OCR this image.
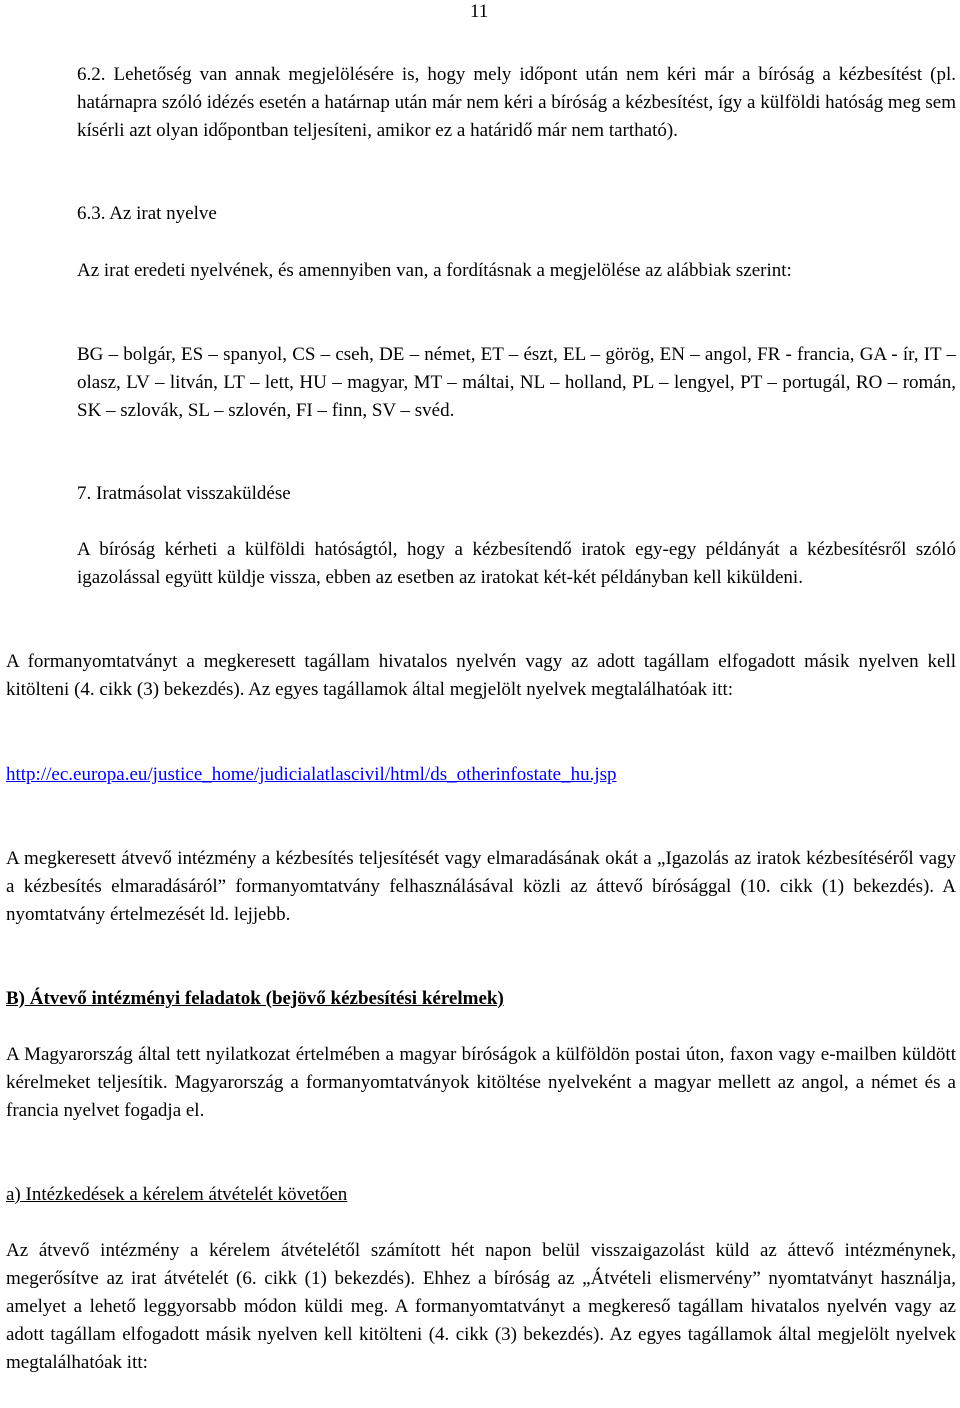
11

6.2. Lehetőség van annak megjelölésére is, hogy mely időpont után nem kéri már a bíróság a kézbesítést (pl. határnapra szóló idézés esetén a határnap után már nem kéri a bíróság a kézbesítést, így a külföldi hatóság meg sem kísérli azt olyan időpontban teljesíteni, amikor ez a határidő már nem tartható).

6.3. Az irat nyelve

Az irat eredeti nyelvének, és amennyiben van, a fordításnak a megjelölése az alábbiak szerint:

BG – bolgár, ES – spanyol, CS – cseh, DE – német, ET – észt, EL – görög, EN – angol, FR - francia, GA - ír, IT – olasz, LV – litván, LT – lett, HU – magyar, MT – máltai, NL – holland, PL – lengyel, PT – portugál, RO – román, SK – szlovák, SL – szlovén, FI – finn, SV – svéd.

7. Iratmásolat visszaküldése

A bíróság kérheti a külföldi hatóságtól, hogy a kézbesítendő iratok egy-egy példányát a kézbesítésről szóló igazolással együtt küldje vissza, ebben az esetben az iratokat két-két példányban kell kiküldeni.

A formanyomtatványt a megkeresett tagállam hivatalos nyelvén vagy az adott tagállam elfogadott másik nyelven kell kitölteni (4. cikk (3) bekezdés). Az egyes tagállamok által megjelölt nyelvek megtalálhatóak itt:

http://ec.europa.eu/justice_home/judicialatlascivil/html/ds_otherinfostate_hu.jsp

A megkeresett átvevő intézmény a kézbesítés teljesítését vagy elmaradásának okát a „Igazolás az iratok kézbesítéséről vagy a kézbesítés elmaradásáról” formanyomtatvány felhasználásával közli az áttevő bírósággal (10. cikk (1) bekezdés). A nyomtatvány értelmezését ld. lejjebb.

B) Átvevő intézményi feladatok (bejövő kézbesítési kérelmek)

A Magyarország által tett nyilatkozat értelmében a magyar bíróságok a külföldön postai úton, faxon vagy e-mailben küldött kérelmeket teljesítik. Magyarország a formanyomtatványok kitöltése nyelveként a magyar mellett az angol, a német és a francia nyelvet fogadja el.

a) Intézkedések a kérelem átvételét követően

Az átvevő intézmény a kérelem átvételétől számított hét napon belül visszaigazolást küld az áttevő intézménynek, megerősítve az irat átvételét (6. cikk (1) bekezdés). Ehhez a bíróság az „Átvételi elismervény” nyomtatványt használja, amelyet a lehető leggyorsabb módon küldi meg. A formanyomtatványt a megkereső tagállam hivatalos nyelvén vagy az adott tagállam elfogadott másik nyelven kell kitölteni (4. cikk (3) bekezdés). Az egyes tagállamok által megjelölt nyelvek megtalálhatóak itt:
